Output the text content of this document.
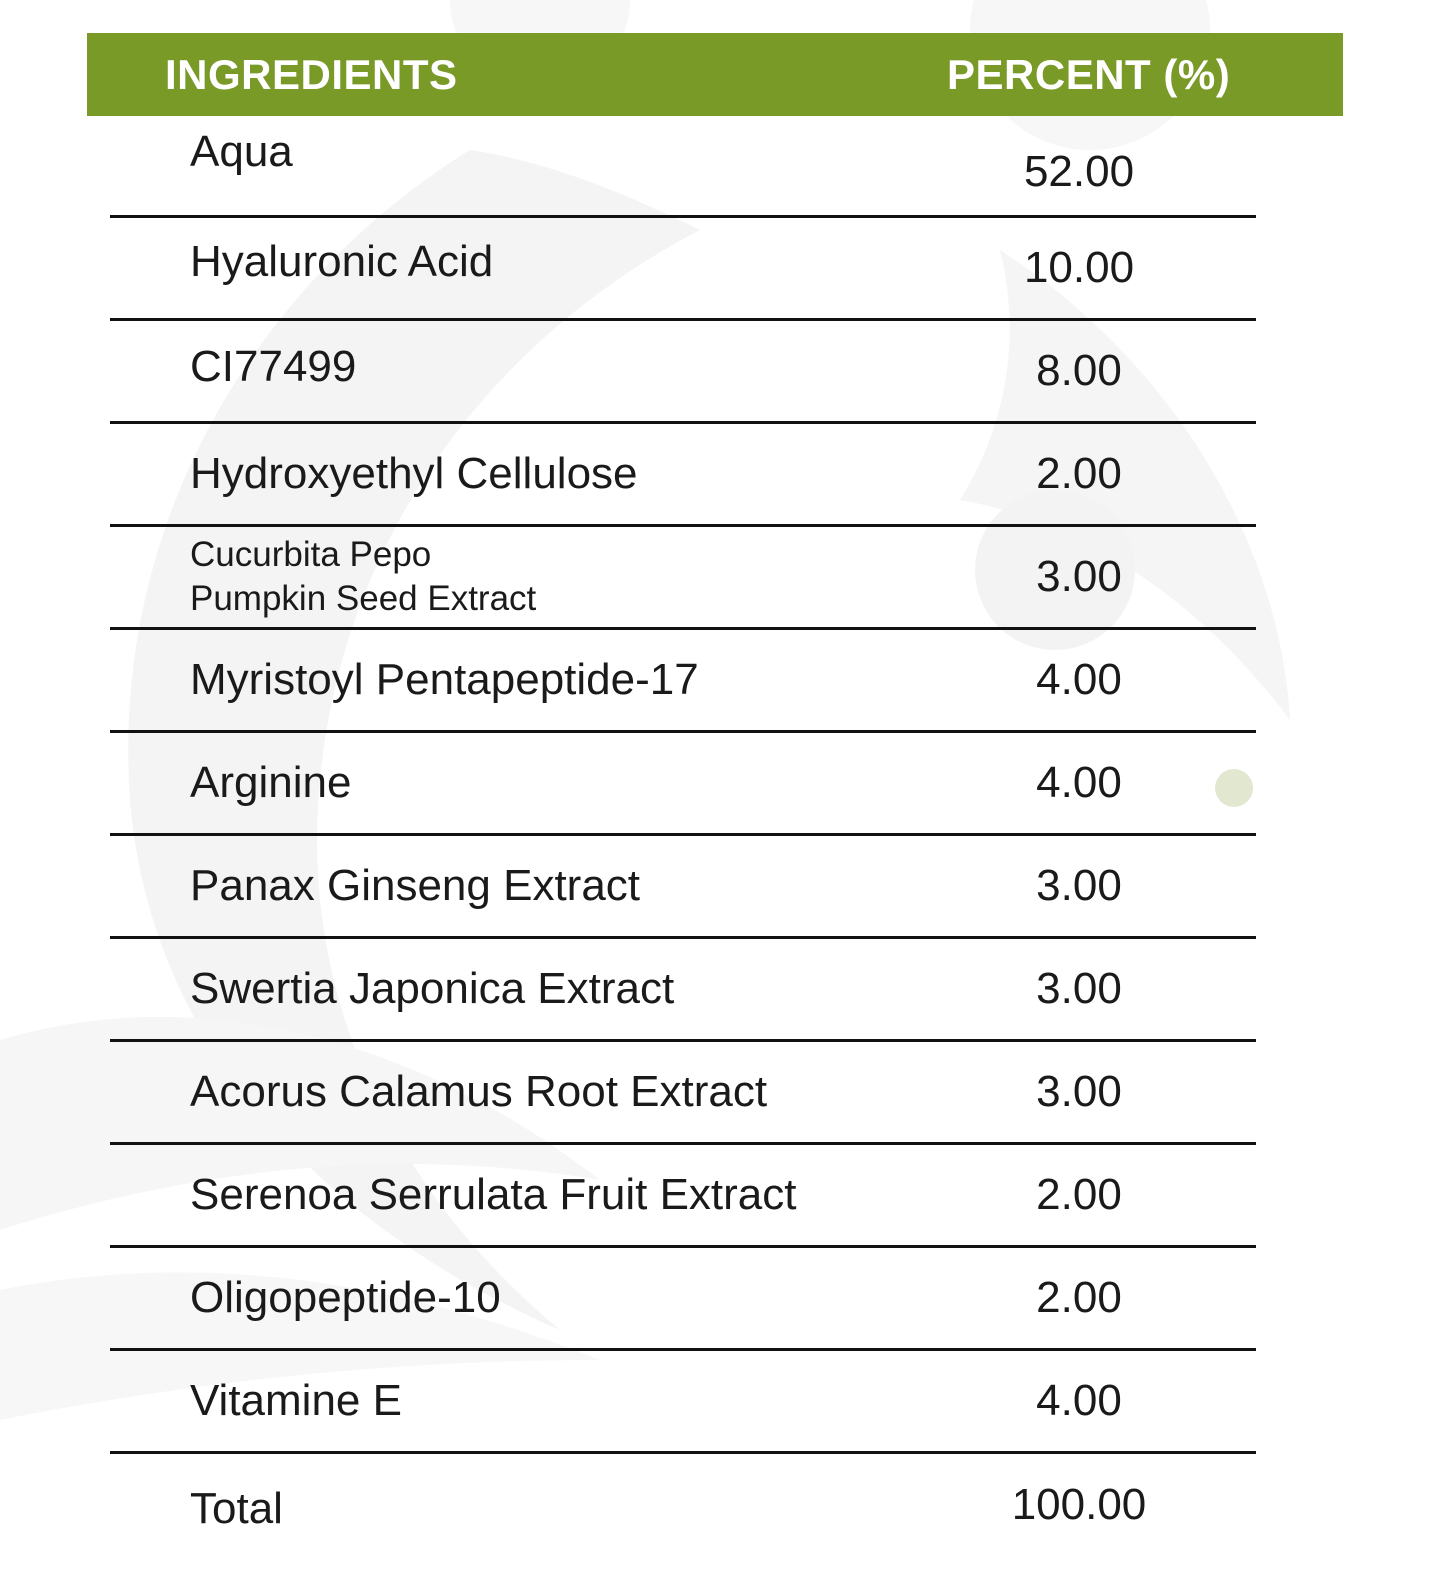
INGREDIENTS	PERCENT (%)
Aqua	52.00
Hyaluronic Acid	10.00
CI77499	8.00
Hydroxyethyl Cellulose	2.00
Cucurbita Pepo
Pumpkin Seed Extract	3.00
Myristoyl Pentapeptide-17	4.00
Arginine	4.00
Panax Ginseng Extract	3.00
Swertia Japonica Extract	3.00
Acorus Calamus Root Extract	3.00
Serenoa Serrulata Fruit Extract	2.00
Oligopeptide-10	2.00
Vitamine E	4.00
Total	100.00
